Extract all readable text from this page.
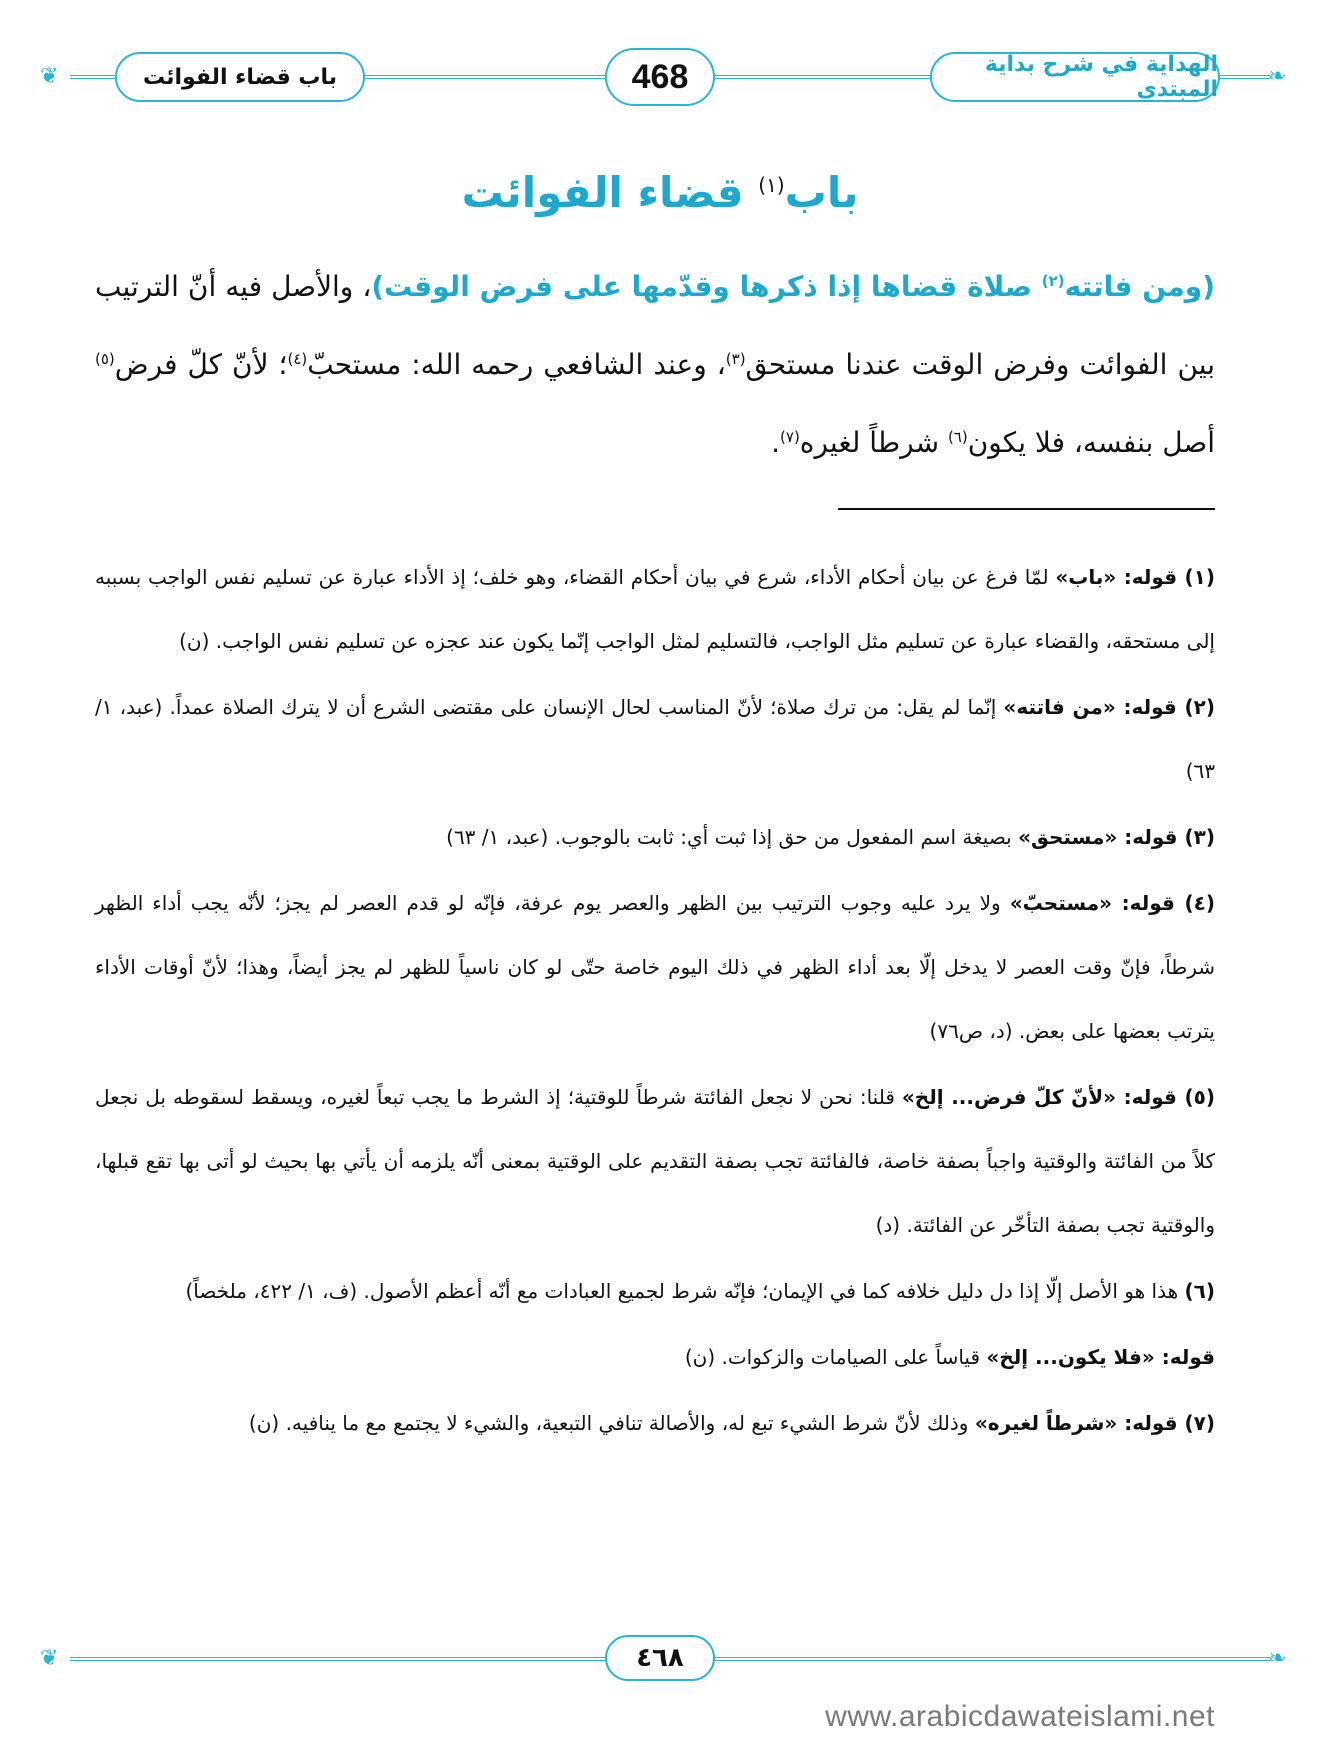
❦	❧
باب قضاء الفوائت	468	الهداية في شرح بداية المبتدي
باب$^{(١)}$ قضاء الفوائت
(ومن فاتته$^{(٢)}$ صلاة قضاها إذا ذكرها وقدّمها على فرض الوقت)، والأصل فيه أنّ الترتيب بين الفوائت وفرض الوقت عندنا مستحق$^{(٣)}$، وعند الشافعي رحمه الله: مستحبّ$^{(٤)}$؛ لأنّ كلّ فرض$^{(٥)}$ أصل بنفسه، فلا يكون$^{(٦)}$ شرطاً لغيره$^{(٧)}$.

(١) قوله: «باب» لمّا فرغ عن بيان أحكام الأداء، شرع في بيان أحكام القضاء، وهو خلف؛ إذ الأداء عبارة عن تسليم نفس الواجب بسببه إلى مستحقه، والقضاء عبارة عن تسليم مثل الواجب، فالتسليم لمثل الواجب إنّما يكون عند عجزه عن تسليم نفس الواجب. (ن)

(٢) قوله: «من فاتته» إنّما لم يقل: من ترك صلاة؛ لأنّ المناسب لحال الإنسان على مقتضى الشرع أن لا يترك الصلاة عمداً. (عبد، ١/ ٦٣)

(٣) قوله: «مستحق» بصيغة اسم المفعول من حق إذا ثبت أي: ثابت بالوجوب. (عبد، ١/ ٦٣)

(٤) قوله: «مستحبّ» ولا يرد عليه وجوب الترتيب بين الظهر والعصر يوم عرفة، فإنّه لو قدم العصر لم يجز؛ لأنّه يجب أداء الظهر شرطاً، فإنّ وقت العصر لا يدخل إلّا بعد أداء الظهر في ذلك اليوم خاصة حتّى لو كان ناسياً للظهر لم يجز أيضاً، وهذا؛ لأنّ أوقات الأداء يترتب بعضها على بعض. (د، ص٧٦)

(٥) قوله: «لأنّ كلّ فرض... إلخ» قلنا: نحن لا نجعل الفائتة شرطاً للوقتية؛ إذ الشرط ما يجب تبعاً لغيره، ويسقط لسقوطه بل نجعل كلاً من الفائتة والوقتية واجباً بصفة خاصة، فالفائتة تجب بصفة التقديم على الوقتية بمعنى أنّه يلزمه أن يأتي بها بحيث لو أتى بها تقع قبلها، والوقتية تجب بصفة التأخّر عن الفائتة. (د)

(٦) هذا هو الأصل إلّا إذا دل دليل خلافه كما في الإيمان؛ فإنّه شرط لجميع العبادات مع أنّه أعظم الأصول. (ف، ١/ ٤٢٢، ملخصاً)

قوله: «فلا يكون... إلخ» قياساً على الصيامات والزكوات. (ن)

(٧) قوله: «شرطاً لغيره» وذلك لأنّ شرط الشيء تبع له، والأصالة تنافي التبعية، والشيء لا يجتمع مع ما ينافيه. (ن)

❦	٤٦٨	❧
www.arabicdawateislami.net
